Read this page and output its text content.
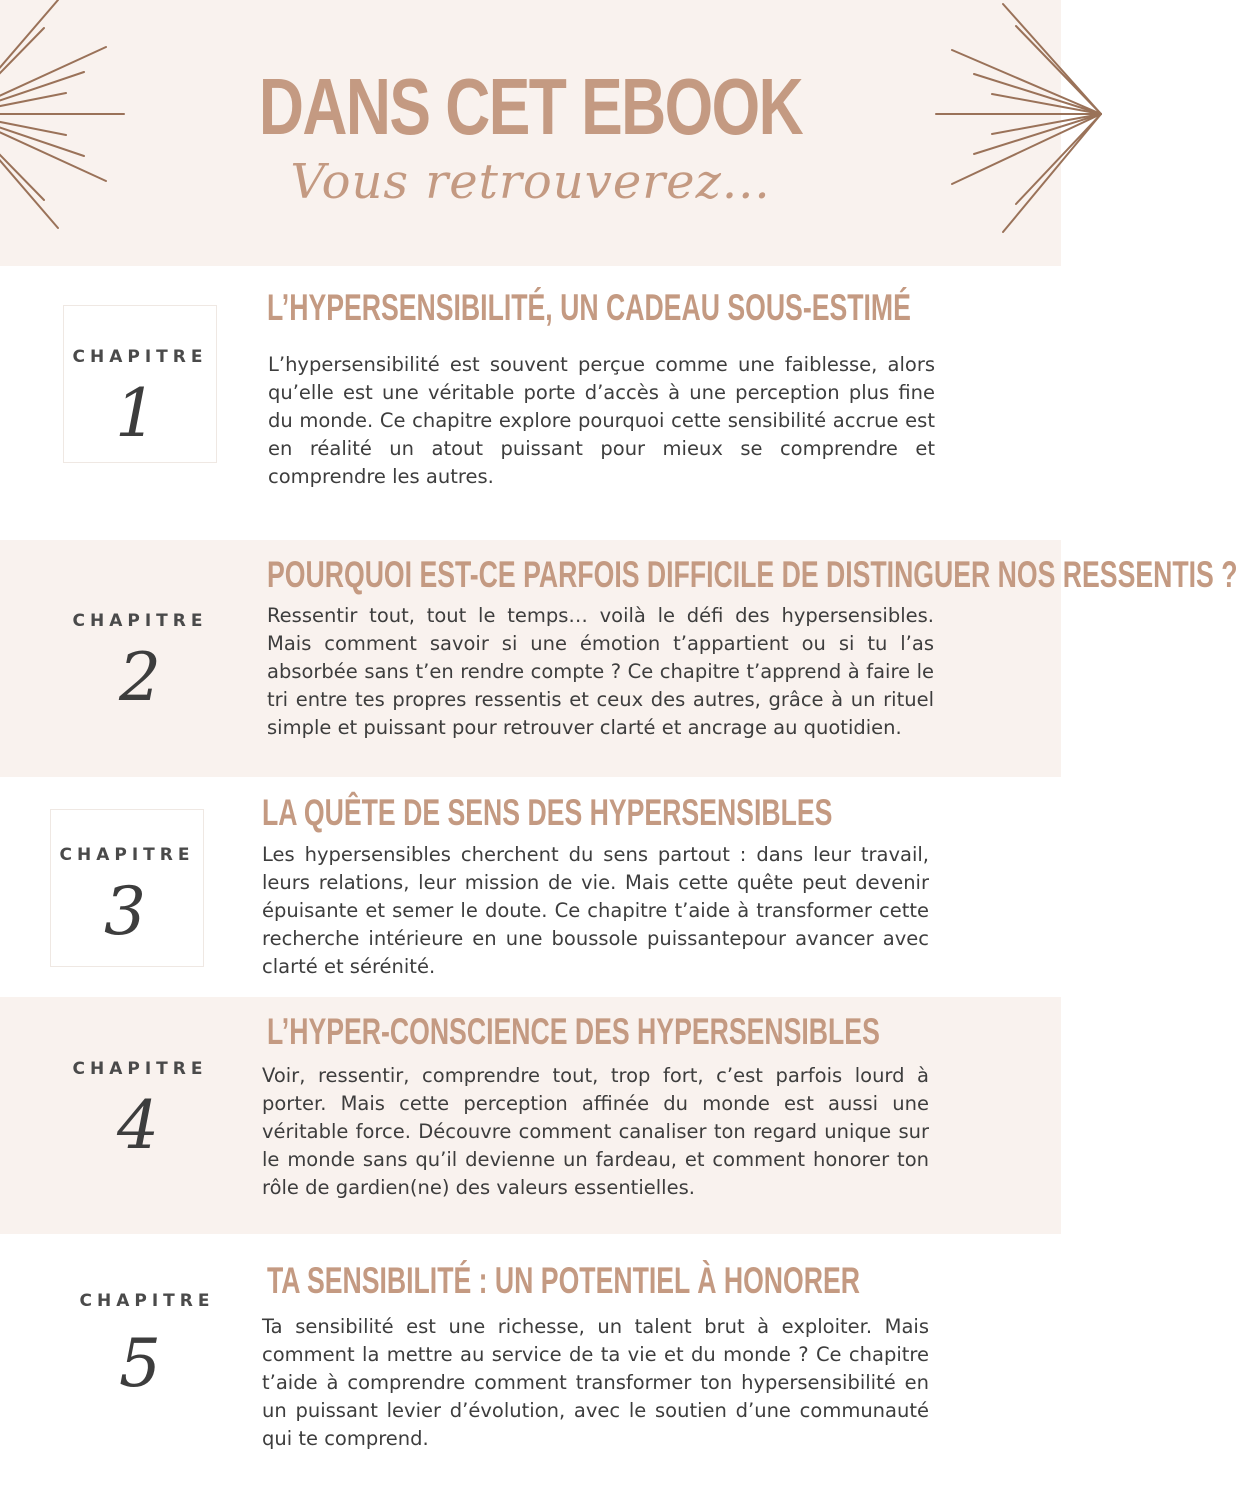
DANS CET EBOOK
Vous retrouverez...
CHAPITRE
1
L’HYPERSENSIBILITÉ, UN CADEAU SOUS-ESTIMÉ
L’hypersensibilité est souvent perçue comme une faiblesse, alors qu’elle est une véritable porte d’accès à une perception plus fine du monde. Ce chapitre explore pourquoi cette sensibilité accrue est en réalité un atout puissant pour mieux se comprendre et comprendre les autres.
CHAPITRE
2
POURQUOI EST-CE PARFOIS DIFFICILE DE DISTINGUER NOS RESSENTIS ?
Ressentir tout, tout le temps… voilà le défi des hypersensibles. Mais comment savoir si une émotion t’appartient ou si tu l’as absorbée sans t’en rendre compte ? Ce chapitre t’apprend à faire le tri entre tes propres ressentis et ceux des autres, grâce à un rituel simple et puissant pour retrouver clarté et ancrage au quotidien.
CHAPITRE
3
LA QUÊTE DE SENS DES HYPERSENSIBLES
Les hypersensibles cherchent du sens partout : dans leur travail, leurs relations, leur mission de vie. Mais cette quête peut devenir épuisante et semer le doute. Ce chapitre t’aide à transformer cette recherche intérieure en une boussole puissantepour avancer avec clarté et sérénité.
CHAPITRE
4
L’HYPER-CONSCIENCE DES HYPERSENSIBLES
Voir, ressentir, comprendre tout, trop fort, c’est parfois lourd à porter. Mais cette perception affinée du monde est aussi une véritable force. Découvre comment canaliser ton regard unique sur le monde sans qu’il devienne un fardeau, et comment honorer ton rôle de gardien(ne) des valeurs essentielles.
CHAPITRE
5
TA SENSIBILITÉ : UN POTENTIEL À HONORER
Ta sensibilité est une richesse, un talent brut à exploiter. Mais comment la mettre au service de ta vie et du monde ? Ce chapitre t’aide à comprendre comment transformer ton hypersensibilité en un puissant levier d’évolution, avec le soutien d’une communauté qui te comprend.
